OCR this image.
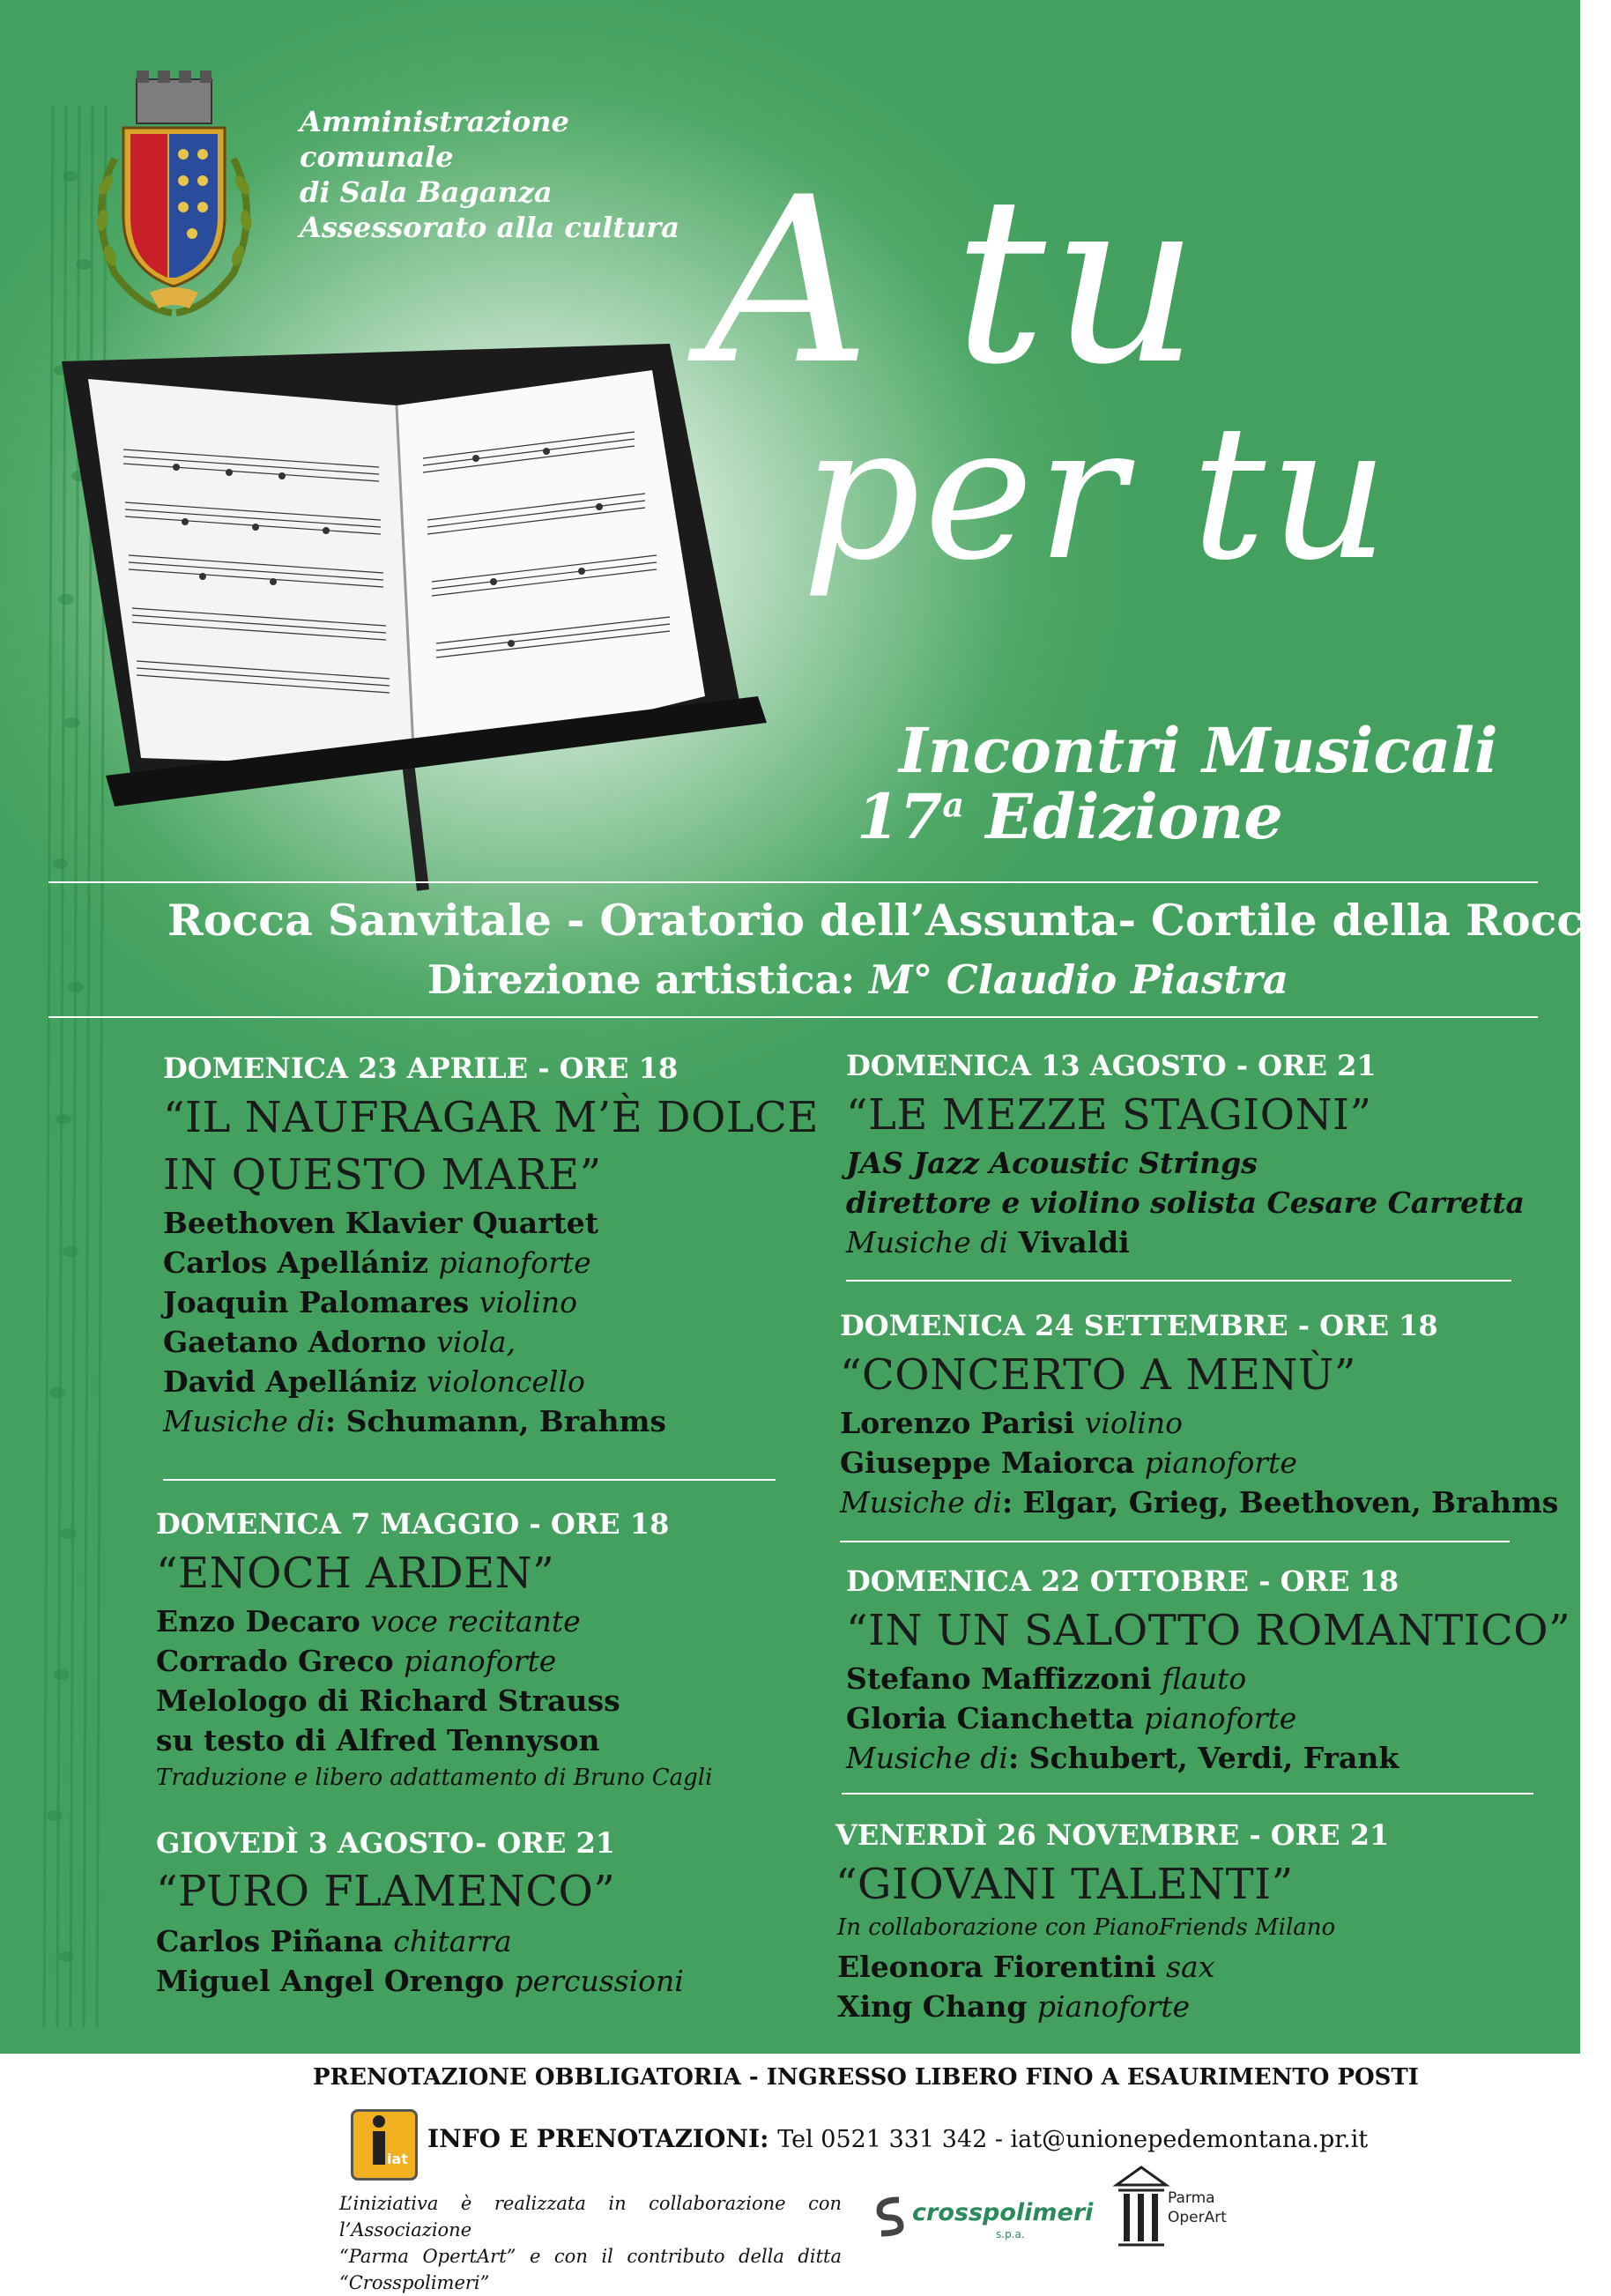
Amministrazione
comunale
di Sala Baganza
Assessorato alla cultura A tu
per tu
Incontri Musicali
17$^a$ Edizione
Rocca Sanvitale - Oratorio dell’Assunta- Cortile della Rocca
Direzione artistica: M° Claudio Piastra
DOMENICA 23 APRILE - ORE 18
“IL NAUFRAGAR M’È DOLCE
IN QUESTO MARE”
Beethoven Klavier Quartet
Carlos Apellániz pianoforte
Joaquin Palomares violino
Gaetano Adorno viola,
David Apellániz violoncello
Musiche di: Schumann, Brahms
DOMENICA 7 MAGGIO - ORE 18
“ENOCH ARDEN”
Enzo Decaro voce recitante
Corrado Greco pianoforte
Melologo di Richard Strauss
su testo di Alfred Tennyson
Traduzione e libero adattamento di Bruno Cagli
GIOVEDÌ 3 AGOSTO- ORE 21
“PURO FLAMENCO”
Carlos Piñana chitarra
Miguel Angel Orengo percussioni
DOMENICA 13 AGOSTO - ORE 21
“LE MEZZE STAGIONI”
JAS Jazz Acoustic Strings
direttore e violino solista Cesare Carretta
Musiche di Vivaldi
DOMENICA 24 SETTEMBRE - ORE 18
“CONCERTO A MENÙ”
Lorenzo Parisi violino
Giuseppe Maiorca pianoforte
Musiche di: Elgar, Grieg, Beethoven, Brahms
DOMENICA 22 OTTOBRE - ORE 18
“IN UN SALOTTO ROMANTICO”
Stefano Maffizzoni flauto
Gloria Cianchetta pianoforte
Musiche di: Schubert, Verdi, Frank
VENERDÌ 26 NOVEMBRE - ORE 21
“GIOVANI TALENTI”
In collaborazione con PianoFriends Milano
Eleonora Fiorentini sax
Xing Chang pianoforte
PRENOTAZIONE OBBLIGATORIA - INGRESSO LIBERO FINO A ESAURIMENTO POSTI
iat
INFO E PRENOTAZIONI: Tel 0521 331 342 - iat@unionepedemontana.pr.it
L’iniziativa è realizzata in collaborazione con l’Associazione
“Parma OpertArt” e con il contributo della ditta “Crosspolimeri”
crosspolimeri
s.p.a.
Parma
OperArt
